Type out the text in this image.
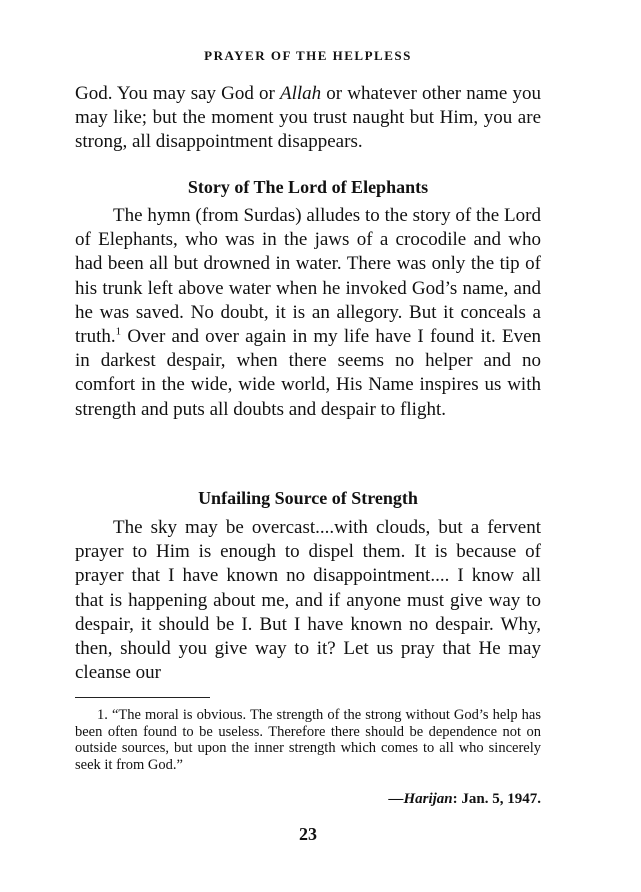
PRAYER OF THE HELPLESS

God. You may say God or Allah or whatever other name you may like; but the moment you trust naught but Him, you are strong, all disappointment disappears.

Story of The Lord of Elephants

The hymn (from Surdas) alludes to the story of the Lord of Elephants, who was in the jaws of a crocodile and who had been all but drowned in water. There was only the tip of his trunk left above water when he invoked God’s name, and he was saved. No doubt, it is an allegory. But it conceals a truth.$^1$ Over and over again in my life have I found it. Even in darkest despair, when there seems no helper and no comfort in the wide, wide world, His Name inspires us with strength and puts all doubts and despair to flight.

Unfailing Source of Strength

The sky may be overcast....with clouds, but a fervent prayer to Him is enough to dispel them. It is because of prayer that I have known no disappointment.... I know all that is happening about me, and if anyone must give way to despair, it should be I. But I have known no despair. Why, then, should you give way to it? Let us pray that He may cleanse our

1. “The moral is obvious. The strength of the strong without God’s help has been often found to be useless. Therefore there should be dependence not on outside sources, but upon the inner strength which comes to all who sincerely seek it from God.”

—Harijan: Jan. 5, 1947.
23
